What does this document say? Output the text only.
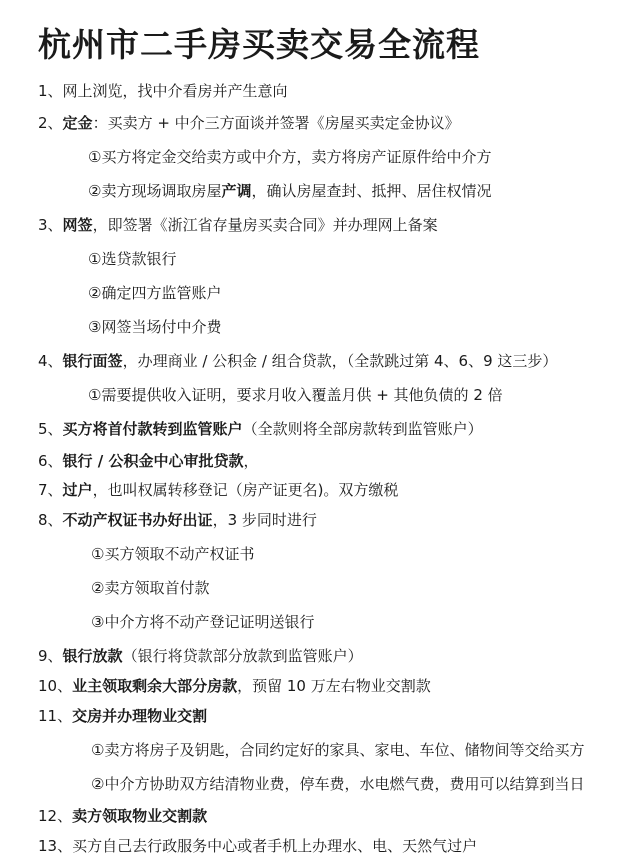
杭州市二手房买卖交易全流程
1、网上浏览，找中介看房并产生意向
2、定金：买卖方 + 中介三方面谈并签署《房屋买卖定金协议》
①买方将定金交给卖方或中介方，卖方将房产证原件给中介方
②卖方现场调取房屋产调，确认房屋查封、抵押、居住权情况
3、网签，即签署《浙江省存量房买卖合同》并办理网上备案
①选贷款银行
②确定四方监管账户
③网签当场付中介费
4、银行面签，办理商业 / 公积金 / 组合贷款，（全款跳过第 4、6、9 这三步）
①需要提供收入证明，要求月收入覆盖月供 + 其他负债的 2 倍
5、买方将首付款转到监管账户（全款则将全部房款转到监管账户）
6、银行 / 公积金中心审批贷款，
7、过户，也叫权属转移登记（房产证更名)。双方缴税
8、不动产权证书办好出证，3 步同时进行
①买方领取不动产权证书
②卖方领取首付款
③中介方将不动产登记证明送银行
9、银行放款（银行将贷款部分放款到监管账户）
10、业主领取剩余大部分房款，预留 10 万左右物业交割款
11、交房并办理物业交割
①卖方将房子及钥匙，合同约定好的家具、家电、车位、储物间等交给买方
②中介方协助双方结清物业费，停车费，水电燃气费，费用可以结算到当日
12、卖方领取物业交割款
13、买方自己去行政服务中心或者手机上办理水、电、天然气过户
